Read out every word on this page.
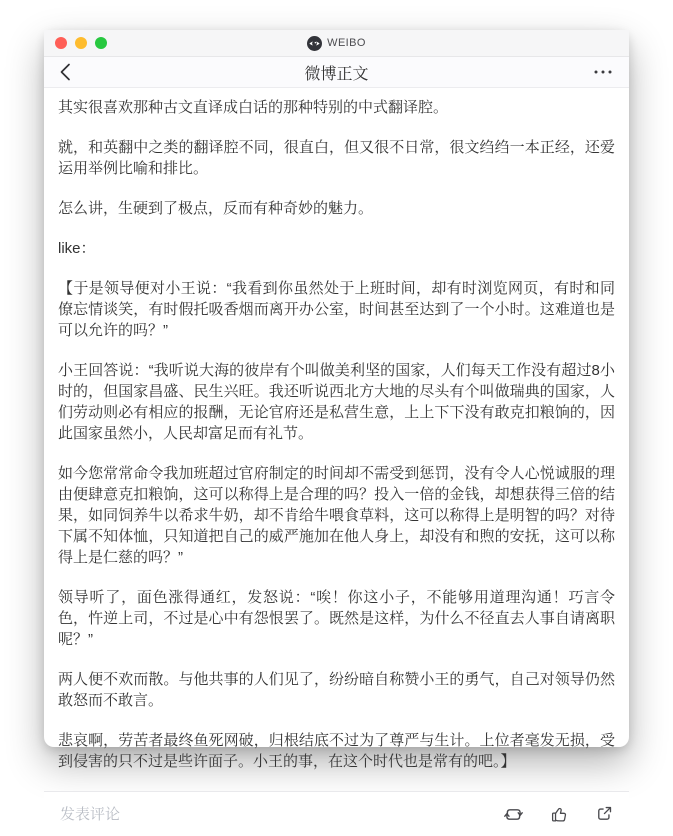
WEIBO
微博正文

其实很喜欢那种古文直译成白话的那种特别的中式翻译腔。

就，和英翻中之类的翻译腔不同，很直白，但又很不日常，很文绉绉一本正经，还爱运用举例比喻和排比。

怎么讲，生硬到了极点，反而有种奇妙的魅力。

like：

【于是领导便对小王说：“我看到你虽然处于上班时间，却有时浏览网页，有时和同僚忘情谈笑，有时假托吸香烟而离开办公室，时间甚至达到了一个小时。这难道也是可以允许的吗？”

小王回答说：“我听说大海的彼岸有个叫做美利坚的国家，人们每天工作没有超过8小时的，但国家昌盛、民生兴旺。我还听说西北方大地的尽头有个叫做瑞典的国家，人们劳动则必有相应的报酬，无论官府还是私营生意，上上下下没有敢克扣粮饷的，因此国家虽然小，人民却富足而有礼节。

如今您常常命令我加班超过官府制定的时间却不需受到惩罚，没有令人心悦诚服的理由便肆意克扣粮饷，这可以称得上是合理的吗？投入一倍的金钱，却想获得三倍的结果，如同饲养牛以希求牛奶，却不肯给牛喂食草料，这可以称得上是明智的吗？对待下属不知体恤，只知道把自己的威严施加在他人身上，却没有和煦的安抚，这可以称得上是仁慈的吗？”

领导听了，面色涨得通红，发怒说：“唉！你这小子，不能够用道理沟通！巧言令色，忤逆上司，不过是心中有怨恨罢了。既然是这样，为什么不径直去人事自请离职呢？”

两人便不欢而散。与他共事的人们见了，纷纷暗自称赞小王的勇气，自己对领导仍然敢怒而不敢言。

悲哀啊，劳苦者最终鱼死网破，归根结底不过为了尊严与生计。上位者毫发无损，受到侵害的只不过是些许面子。小王的事，在这个时代也是常有的吧。】

发表评论
